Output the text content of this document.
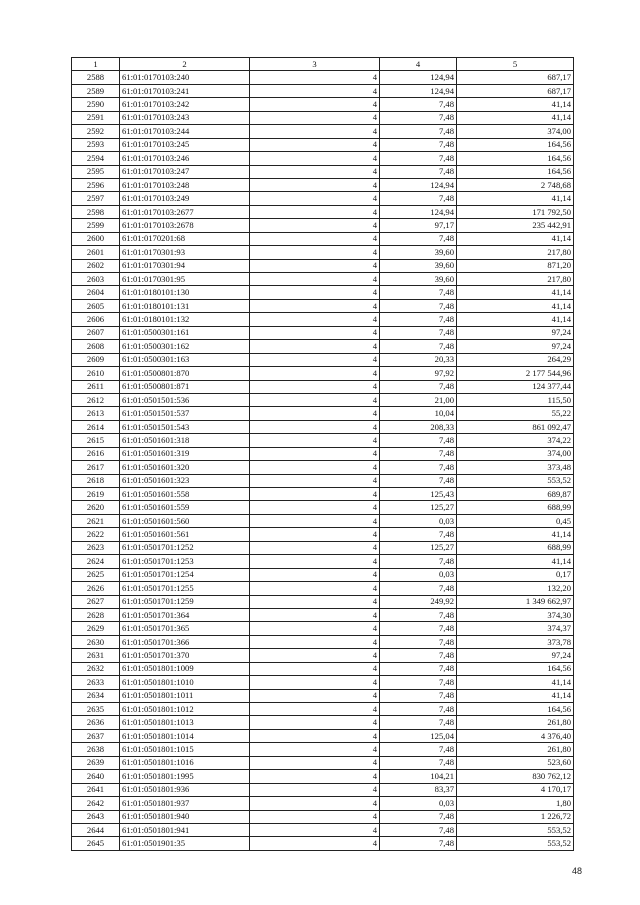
1	2	3	4	5
2588	61:01:0170103:240	4	124,94	687,17
2589	61:01:0170103:241	4	124,94	687,17
2590	61:01:0170103:242	4	7,48	41,14
2591	61:01:0170103:243	4	7,48	41,14
2592	61:01:0170103:244	4	7,48	374,00
2593	61:01:0170103:245	4	7,48	164,56
2594	61:01:0170103:246	4	7,48	164,56
2595	61:01:0170103:247	4	7,48	164,56
2596	61:01:0170103:248	4	124,94	2 748,68
2597	61:01:0170103:249	4	7,48	41,14
2598	61:01:0170103:2677	4	124,94	171 792,50
2599	61:01:0170103:2678	4	97,17	235 442,91
2600	61:01:0170201:68	4	7,48	41,14
2601	61:01:0170301:93	4	39,60	217,80
2602	61:01:0170301:94	4	39,60	871,20
2603	61:01:0170301:95	4	39,60	217,80
2604	61:01:0180101:130	4	7,48	41,14
2605	61:01:0180101:131	4	7,48	41,14
2606	61:01:0180101:132	4	7,48	41,14
2607	61:01:0500301:161	4	7,48	97,24
2608	61:01:0500301:162	4	7,48	97,24
2609	61:01:0500301:163	4	20,33	264,29
2610	61:01:0500801:870	4	97,92	2 177 544,96
2611	61:01:0500801:871	4	7,48	124 377,44
2612	61:01:0501501:536	4	21,00	115,50
2613	61:01:0501501:537	4	10,04	55,22
2614	61:01:0501501:543	4	208,33	861 092,47
2615	61:01:0501601:318	4	7,48	374,22
2616	61:01:0501601:319	4	7,48	374,00
2617	61:01:0501601:320	4	7,48	373,48
2618	61:01:0501601:323	4	7,48	553,52
2619	61:01:0501601:558	4	125,43	689,87
2620	61:01:0501601:559	4	125,27	688,99
2621	61:01:0501601:560	4	0,03	0,45
2622	61:01:0501601:561	4	7,48	41,14
2623	61:01:0501701:1252	4	125,27	688,99
2624	61:01:0501701:1253	4	7,48	41,14
2625	61:01:0501701:1254	4	0,03	0,17
2626	61:01:0501701:1255	4	7,48	132,20
2627	61:01:0501701:1259	4	249,92	1 349 662,97
2628	61:01:0501701:364	4	7,48	374,30
2629	61:01:0501701:365	4	7,48	374,37
2630	61:01:0501701:366	4	7,48	373,78
2631	61:01:0501701:370	4	7,48	97,24
2632	61:01:0501801:1009	4	7,48	164,56
2633	61:01:0501801:1010	4	7,48	41,14
2634	61:01:0501801:1011	4	7,48	41,14
2635	61:01:0501801:1012	4	7,48	164,56
2636	61:01:0501801:1013	4	7,48	261,80
2637	61:01:0501801:1014	4	125,04	4 376,40
2638	61:01:0501801:1015	4	7,48	261,80
2639	61:01:0501801:1016	4	7,48	523,60
2640	61:01:0501801:1995	4	104,21	830 762,12
2641	61:01:0501801:936	4	83,37	4 170,17
2642	61:01:0501801:937	4	0,03	1,80
2643	61:01:0501801:940	4	7,48	1 226,72
2644	61:01:0501801:941	4	7,48	553,52
2645	61:01:0501901:35	4	7,48	553,52
48
